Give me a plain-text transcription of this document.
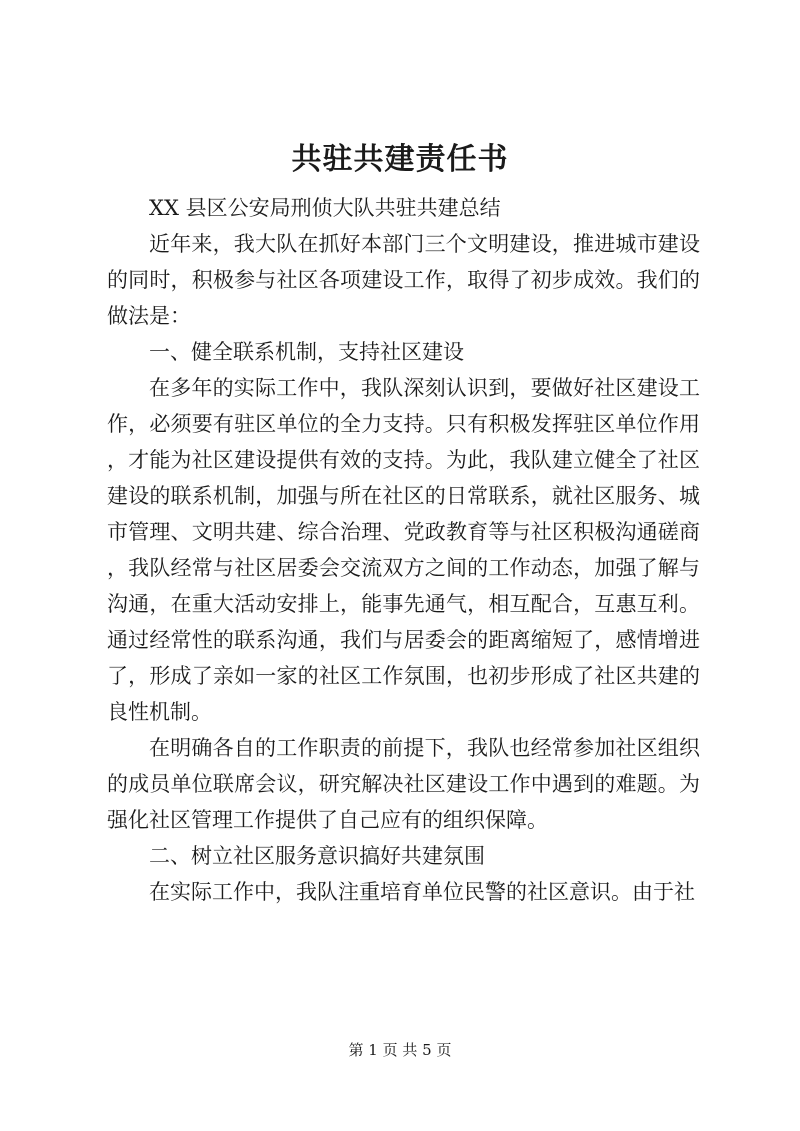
共驻共建责任书

XX 县区公安局刑侦大队共驻共建总结

近年来，我大队在抓好本部门三个文明建设，推进城市建设的同时，积极参与社区各项建设工作，取得了初步成效。我们的做法是：

一、健全联系机制，支持社区建设

在多年的实际工作中，我队深刻认识到，要做好社区建设工作，必须要有驻区单位的全力支持。只有积极发挥驻区单位作用，才能为社区建设提供有效的支持。为此，我队建立健全了社区建设的联系机制，加强与所在社区的日常联系，就社区服务、城市管理、文明共建、综合治理、党政教育等与社区积极沟通磋商，我队经常与社区居委会交流双方之间的工作动态，加强了解与沟通，在重大活动安排上，能事先通气，相互配合，互惠互利。通过经常性的联系沟通，我们与居委会的距离缩短了，感情增进了，形成了亲如一家的社区工作氛围，也初步形成了社区共建的良性机制。

在明确各自的工作职责的前提下，我队也经常参加社区组织的成员单位联席会议，研究解决社区建设工作中遇到的难题。为强化社区管理工作提供了自己应有的组织保障。

二、树立社区服务意识搞好共建氛围

在实际工作中，我队注重培育单位民警的社区意识。由于社

第 1 页 共 5 页
